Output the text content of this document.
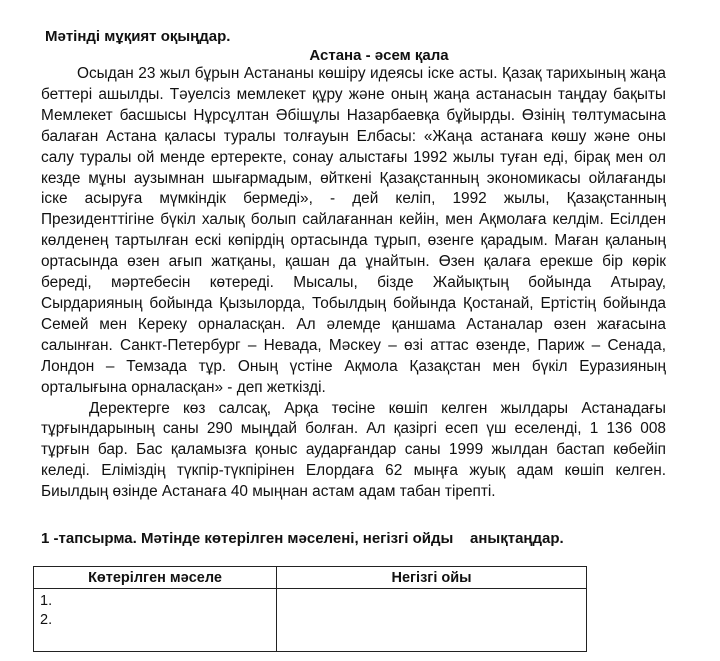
Мәтінді мұқият оқыңдар.

Астана - әсем қала

Осыдан 23 жыл бұрын Астананы көшіру идеясы іске асты. Қазақ тарихының жаңа беттері ашылды. Тәуелсіз мемлекет құру және оның жаңа астанасын таңдау бақыты Мемлекет басшысы Нұрсұлтан Әбішұлы Назарбаевқа бұйырды. Өзінің төлтумасына балаған Астана қаласы туралы толғауын Елбасы: «Жаңа астанаға көшу және оны салу туралы ой менде ертеректе, сонау алыстағы 1992 жылы туған еді, бірақ мен ол кезде мұны аузымнан шығармадым, өйткені Қазақстанның экономикасы ойлағанды іске асыруға мүмкіндік бермеді», - дей келіп, 1992 жылы, Қазақстанның Президенттігіне бүкіл халық болып сайлағаннан кейін, мен Ақмолаға келдім. Есілден көлденең тартылған ескі көпірдің ортасында тұрып, өзенге қарадым. Маған қаланың ортасында өзен ағып жатқаны, қашан да ұнайтын. Өзен қалаға ерекше бір көрік береді, мәртебесін көтереді. Мысалы, бізде Жайықтың бойында Атырау, Сырдарияның бойында Қызылорда, Тобылдың бойында Қостанай, Ертістің бойында Семей мен Кереку орналасқан. Ал әлемде қаншама Астаналар өзен жағасына салынған. Санкт-Петербург – Невада, Мәскеу – өзі аттас өзенде, Париж – Сенада, Лондон – Темзада тұр. Оның үстіне Ақмола Қазақстан мен бүкіл Еуразияның орталығына орналасқан» - деп жеткізді.

Деректерге көз салсақ, Арқа төсіне көшіп келген жылдары Астанадағы тұрғындарының саны 290 мыңдай болған. Ал қазіргі есеп үш еселенді, 1 136 008 тұрғын бар. Бас қаламызға қоныс аударғандар саны 1999 жылдан бастап көбейіп келеді. Еліміздің түкпір-түкпірінен Елордаға 62 мыңға жуық адам көшіп келген. Биылдың өзінде Астанаға 40 мыңнан астам адам табан тірепті.

1 -тапсырма. Мәтінде көтерілген мәселені, негізгі ойды    анықтаңдар.

Көтерілген мәселе	Негізгі ойы

1.
2.	
